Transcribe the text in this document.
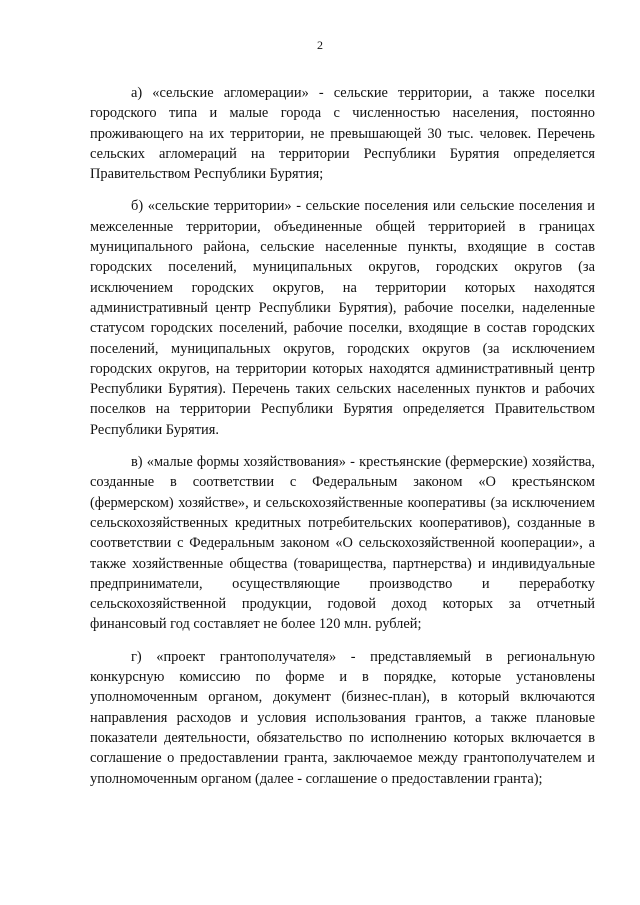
2

а) «сельские агломерации» - сельские территории, а также поселки городского типа и малые города с численностью населения, постоянно проживающего на их территории, не превышающей 30 тыс. человек. Перечень сельских агломераций на территории Республики Бурятия определяется Правительством Республики Бурятия;

б) «сельские территории» - сельские поселения или сельские поселения и межселенные территории, объединенные общей территорией в границах муниципального района, сельские населенные пункты, входящие в состав городских поселений, муниципальных округов, городских округов (за исключением городских округов, на территории которых находятся административный центр Республики Бурятия), рабочие поселки, наделенные статусом городских поселений, рабочие поселки, входящие в состав городских поселений, муниципальных округов, городских округов (за исключением городских округов, на территории которых находятся административный центр Республики Бурятия). Перечень таких сельских населенных пунктов и рабочих поселков на территории Республики Бурятия определяется Правительством Республики Бурятия.

в) «малые формы хозяйствования» - крестьянские (фермерские) хозяйства, созданные в соответствии с Федеральным законом «О крестьянском (фермерском) хозяйстве», и сельскохозяйственные кооперативы (за исключением сельскохозяйственных кредитных потребительских кооперативов), созданные в соответствии с Федеральным законом «О сельскохозяйственной кооперации», а также хозяйственные общества (товарищества, партнерства) и индивидуальные предприниматели, осуществляющие производство и переработку сельскохозяйственной продукции, годовой доход которых за отчетный финансовый год составляет не более 120 млн. рублей;

г) «проект грантополучателя» - представляемый в региональную конкурсную комиссию по форме и в порядке, которые установлены уполномоченным органом, документ (бизнес-план), в который включаются направления расходов и условия использования грантов, а также плановые показатели деятельности, обязательство по исполнению которых включается в соглашение о предоставлении гранта, заключаемое между грантополучателем и уполномоченным органом (далее - соглашение о предоставлении гранта);
